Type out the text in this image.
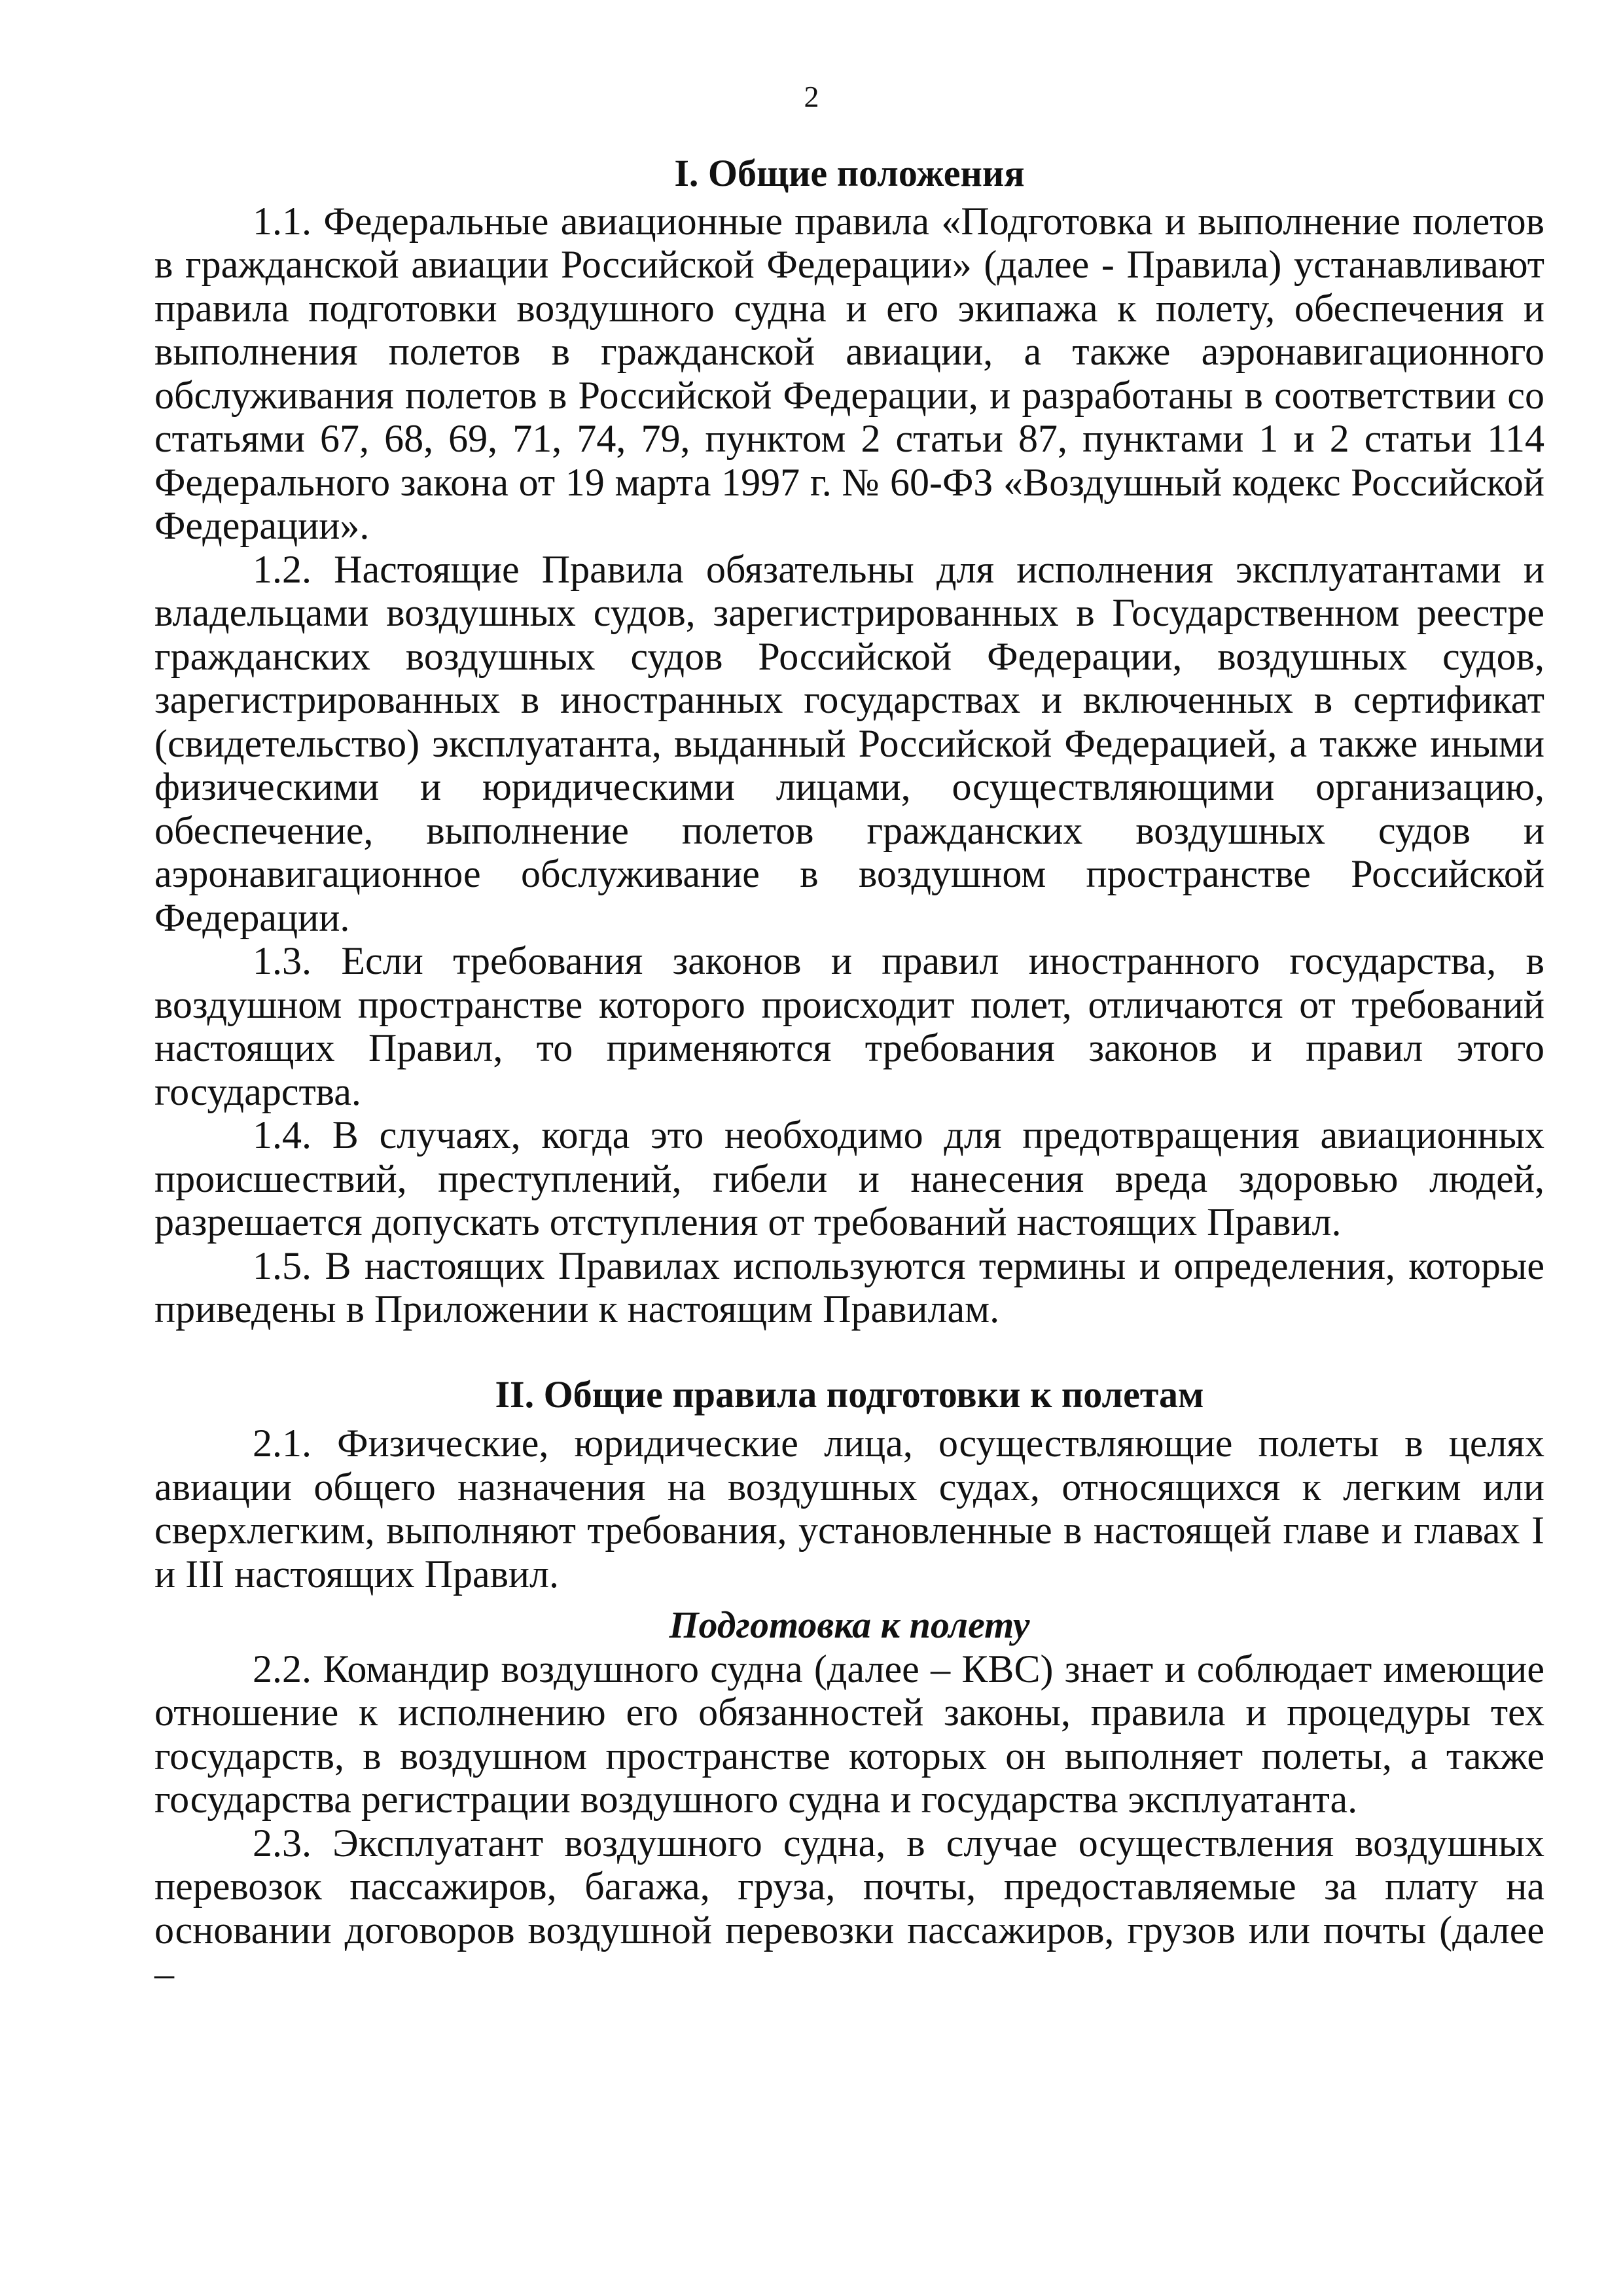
2
I. Общие положения

1.1. Федеральные авиационные правила «Подготовка и выполнение полетов в гражданской авиации Российской Федерации» (далее - Правила) устанавливают правила подготовки воздушного судна и его экипажа к полету, обеспечения и выполнения полетов в гражданской авиации, а также аэронавигационного обслуживания полетов в Российской Федерации, и разработаны в соответствии со статьями 67, 68, 69, 71, 74, 79, пунктом 2 статьи 87, пунктами 1 и 2 статьи 114 Федерального закона от 19 марта 1997 г. № 60-ФЗ «Воздушный кодекс Российской Федерации».

1.2. Настоящие Правила обязательны для исполнения эксплуатантами и владельцами воздушных судов, зарегистрированных в Государственном реестре гражданских воздушных судов Российской Федерации, воздушных судов, зарегистрированных в иностранных государствах и включенных в сертификат (свидетельство) эксплуатанта, выданный Российской Федерацией, а также иными физическими и юридическими лицами, осуществляющими организацию, обеспечение, выполнение полетов гражданских воздушных судов и аэронавигационное обслуживание в воздушном пространстве Российской Федерации.

1.3. Если требования законов и правил иностранного государства, в воздушном пространстве которого происходит полет, отличаются от требований настоящих Правил, то применяются требования законов и правил этого государства.

1.4. В случаях, когда это необходимо для предотвращения авиационных происшествий, преступлений, гибели и нанесения вреда здоровью людей, разрешается допускать отступления от требований настоящих Правил.

1.5. В настоящих Правилах используются термины и определения, которые приведены в Приложении к настоящим Правилам.

II. Общие правила подготовки к полетам

2.1. Физические, юридические лица, осуществляющие полеты в целях авиации общего назначения на воздушных судах, относящихся к легким или сверхлегким, выполняют требования, установленные в настоящей главе и главах I и III настоящих Правил.

Подготовка к полету

2.2. Командир воздушного судна (далее – КВС) знает и соблюдает имеющие отношение к исполнению его обязанностей законы, правила и процедуры тех государств, в воздушном пространстве которых он выполняет полеты, а также государства регистрации воздушного судна и государства эксплуатанта.

2.3. Эксплуатант воздушного судна, в случае осуществления воздушных перевозок пассажиров, багажа, груза, почты, предоставляемые за плату на основании договоров воздушной перевозки пассажиров, грузов или почты (далее –
